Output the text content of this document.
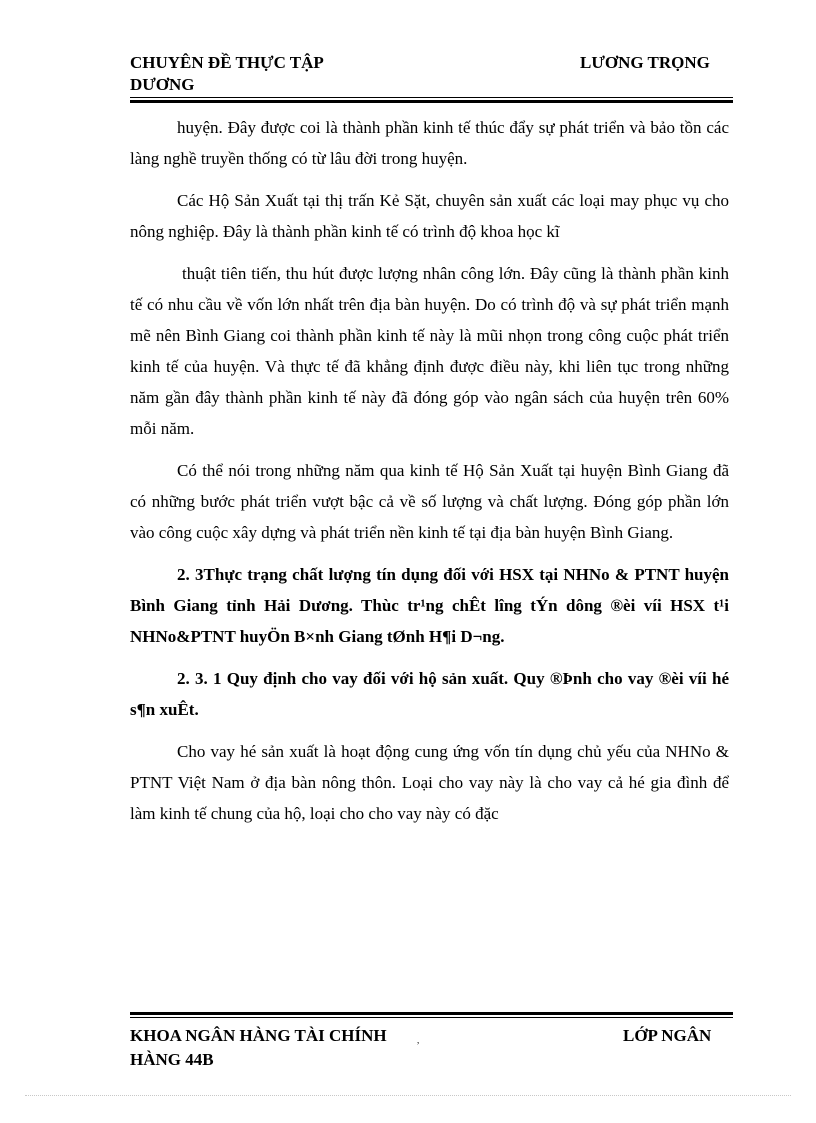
CHUYÊN ĐỀ THỰC TẬP	LƯƠNG TRỌNG
DƯƠNG

huyện. Đây được coi là thành phần kinh tế thúc đẩy sự phát triển và bảo tồn các làng nghề truyền thống có từ lâu đời trong huyện.

Các Hộ Sản Xuất tại thị trấn Kẻ Sặt, chuyên sản xuất các loại may phục vụ cho nông nghiệp. Đây là thành phần kinh tế có trình độ khoa học kĩ

thuật tiên tiến, thu hút được lượng nhân công lớn. Đây cũng là thành phần kinh tế có nhu cầu về vốn lớn nhất trên địa bàn huyện. Do có trình độ và sự phát triển mạnh mẽ nên Bình Giang coi thành phần kinh tế này là mũi nhọn trong công cuộc phát triển kinh tế của huyện. Và thực tế đã khẳng định được điều này, khi liên tục trong những năm gần đây thành phần kinh tế này đã đóng góp vào ngân sách của huyện trên 60% mỗi năm.

Có thể nói trong những năm qua kinh tế Hộ Sản Xuất tại huyện Bình Giang đã có những bước phát triển vượt bậc cả về số lượng và chất lượng. Đóng góp phần lớn vào công cuộc xây dựng và phát triển nền kinh tế tại địa bàn huyện Bình Giang.

2. 3Thực trạng chất lượng tín dụng đối với HSX tại NHNo & PTNT huyện Bình Giang tỉnh Hải Dương. Thùc tr¹ng chÊt lîng tÝn dông ®èi víi HSX t¹i NHNo&PTNT huyÖn B×nh Giang tØnh H¶i D¬ng.

2. 3. 1 Quy định cho vay đối với hộ sản xuất. Quy ®Þnh cho vay ®èi víi hé s¶n xuÊt.

Cho vay hé sản xuất là hoạt động cung ứng vốn tín dụng chủ yếu của NHNo & PTNT Việt Nam ở địa bàn nông thôn. Loại cho vay này là cho vay cả hé gia đình để làm kinh tế chung của hộ, loại cho cho vay này có đặc

KHOA NGÂN HÀNG TÀI CHÍNH	,	LỚP NGÂN
HÀNG 44B
